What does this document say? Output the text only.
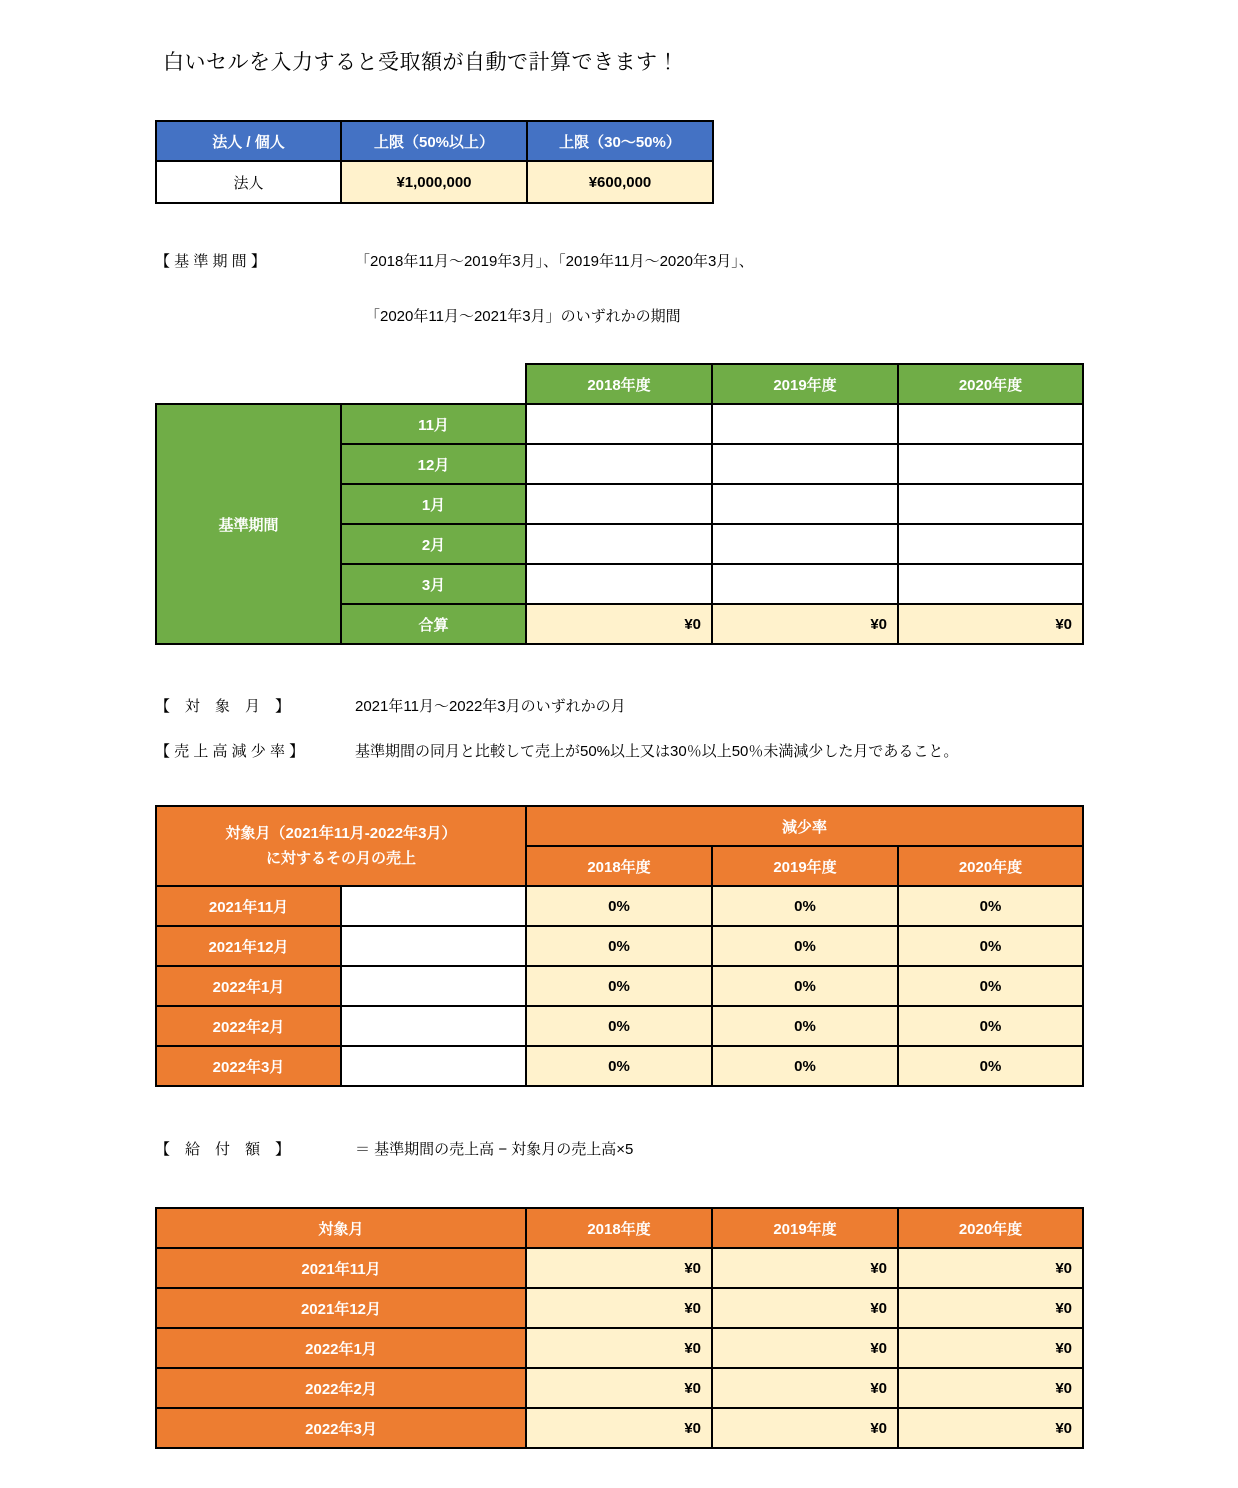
白いセルを入力すると受取額が自動で計算できます！
法人 / 個人	上限（50%以上）	上限（30〜50%）
法人	¥1,000,000	¥600,000
【 基 準 期 間 】	「2018年11月〜2019年3月」、「2019年11月〜2020年3月」、
「2020年11月〜2021年3月」のいずれかの期間
		2018年度	2019年度	2020年度
基準期間	11月			
	12月			
	1月			
	2月			
	3月			
	合算	¥0	¥0	¥0
【　対　象　月　】	2021年11月〜2022年3月のいずれかの月
【 売 上 高 減 少 率 】	基準期間の同月と比較して売上が50%以上又は30％以上50％未満減少した月であること。
対象月（2021年11月-2022年3月）
に対するその月の売上		減少率		
		2018年度	2019年度	2020年度
2021年11月		0%	0%	0%
2021年12月		0%	0%	0%
2022年1月		0%	0%	0%
2022年2月		0%	0%	0%
2022年3月		0%	0%	0%
【　給　付　額　】	＝ 基準期間の売上高 − 対象月の売上高×5
対象月	2018年度	2019年度	2020年度
2021年11月	¥0	¥0	¥0
2021年12月	¥0	¥0	¥0
2022年1月	¥0	¥0	¥0
2022年2月	¥0	¥0	¥0
2022年3月	¥0	¥0	¥0
